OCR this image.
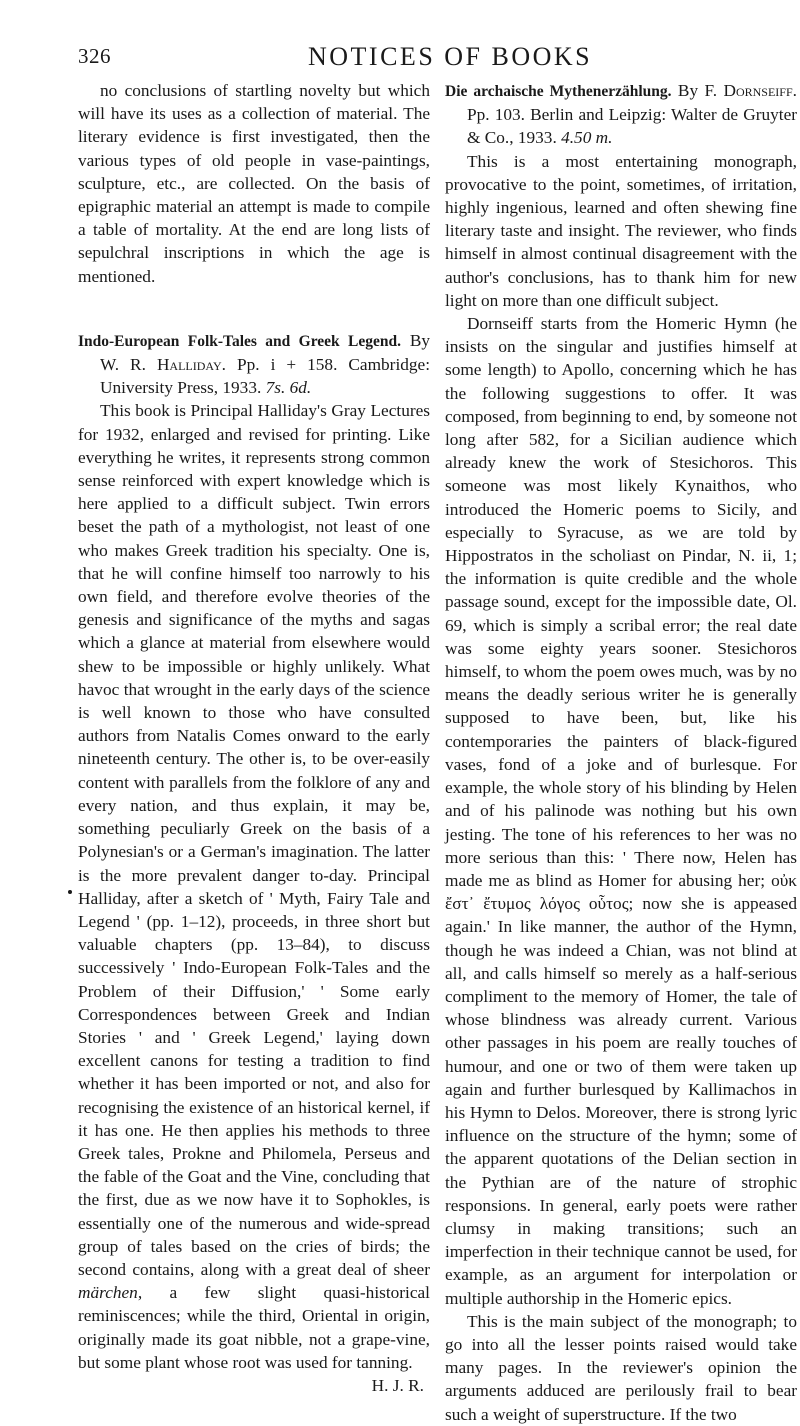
326	NOTICES OF BOOKS

no conclusions of startling novelty but which will have its uses as a collection of material. The literary evidence is first investigated, then the various types of old people in vase-paintings, sculpture, etc., are collected. On the basis of epigraphic material an attempt is made to compile a table of mortality. At the end are long lists of sepulchral inscriptions in which the age is mentioned.

Indo-European Folk-Tales and Greek Legend. By W. R. Halliday. Pp. i + 158. Cambridge: University Press, 1933. 7s. 6d.

This book is Principal Halliday's Gray Lectures for 1932, enlarged and revised for printing. Like everything he writes, it represents strong common sense reinforced with expert knowledge which is here applied to a difficult subject. Twin errors beset the path of a mythologist, not least of one who makes Greek tradition his specialty. One is, that he will confine himself too narrowly to his own field, and therefore evolve theories of the genesis and significance of the myths and sagas which a glance at material from elsewhere would shew to be impossible or highly unlikely. What havoc that wrought in the early days of the science is well known to those who have consulted authors from Natalis Comes onward to the early nineteenth century. The other is, to be over-easily content with parallels from the folklore of any and every nation, and thus explain, it may be, something peculiarly Greek on the basis of a Polynesian's or a German's imagination. The latter is the more prevalent danger to-day. Principal Halliday, after a sketch of ' Myth, Fairy Tale and Legend ' (pp. 1–12), proceeds, in three short but valuable chapters (pp. 13–84), to discuss successively ' Indo-European Folk-Tales and the Problem of their Diffusion,' ' Some early Correspondences between Greek and Indian Stories ' and ' Greek Legend,' laying down excellent canons for testing a tradition to find whether it has been imported or not, and also for recognising the existence of an historical kernel, if it has one. He then applies his methods to three Greek tales, Prokne and Philomela, Perseus and the fable of the Goat and the Vine, concluding that the first, due as we now have it to Sophokles, is essentially one of the numerous and wide-spread group of tales based on the cries of birds; the second contains, along with a great deal of sheer märchen, a few slight quasi-historical reminiscences; while the third, Oriental in origin, originally made its goat nibble, not a grape-vine, but some plant whose root was used for tanning.
H. J. R.

Die archaische Mythenerzählung. By F. Dornseiff. Pp. 103. Berlin and Leipzig: Walter de Gruyter & Co., 1933. 4.50 m.

This is a most entertaining monograph, provocative to the point, sometimes, of irritation, highly ingenious, learned and often shewing fine literary taste and insight. The reviewer, who finds himself in almost continual disagreement with the author's conclusions, has to thank him for new light on more than one difficult subject.

Dornseiff starts from the Homeric Hymn (he insists on the singular and justifies himself at some length) to Apollo, concerning which he has the following suggestions to offer. It was composed, from beginning to end, by someone not long after 582, for a Sicilian audience which already knew the work of Stesichoros. This someone was most likely Kynaithos, who introduced the Homeric poems to Sicily, and especially to Syracuse, as we are told by Hippostratos in the scholiast on Pindar, N. ii, 1; the information is quite credible and the whole passage sound, except for the impossible date, Ol. 69, which is simply a scribal error; the real date was some eighty years sooner. Stesichoros himself, to whom the poem owes much, was by no means the deadly serious writer he is generally supposed to have been, but, like his contemporaries the painters of black-figured vases, fond of a joke and of burlesque. For example, the whole story of his blinding by Helen and of his palinode was nothing but his own jesting. The tone of his references to her was no more serious than this: ' There now, Helen has made me as blind as Homer for abusing her; οὐκ ἔστ᾽ ἔτυμος λόγος οὗτος; now she is appeased again.' In like manner, the author of the Hymn, though he was indeed a Chian, was not blind at all, and calls himself so merely as a half-serious compliment to the memory of Homer, the tale of whose blindness was already current. Various other passages in his poem are really touches of humour, and one or two of them were taken up again and further burlesqued by Kallimachos in his Hymn to Delos. Moreover, there is strong lyric influence on the structure of the hymn; some of the apparent quotations of the Delian section in the Pythian are of the nature of strophic responsions. In general, early poets were rather clumsy in making transitions; such an imperfection in their technique cannot be used, for example, as an argument for interpolation or multiple authorship in the Homeric epics.

This is the main subject of the monograph; to go into all the lesser points raised would take many pages. In the reviewer's opinion the arguments adduced are perilously frail to bear such a weight of superstructure. If the two
